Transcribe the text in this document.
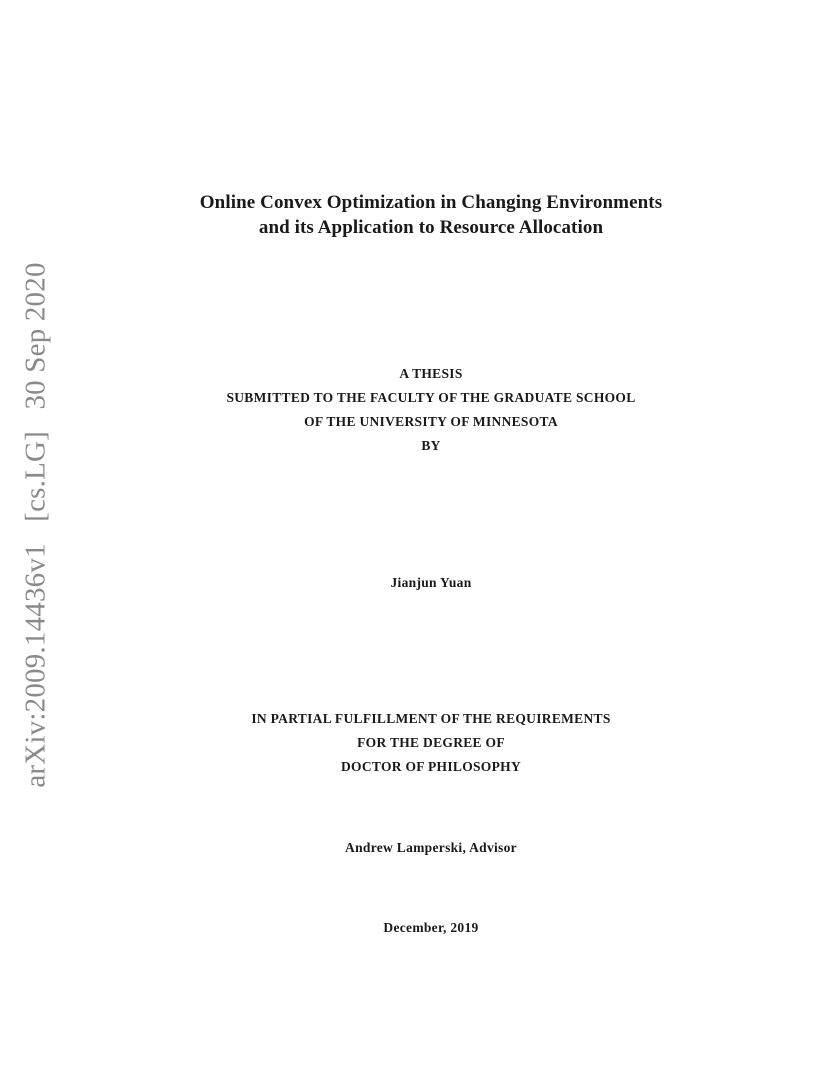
arXiv:2009.14436v1 [cs.LG] 30 Sep 2020
Online Convex Optimization in Changing Environments
and its Application to Resource Allocation
A THESIS
SUBMITTED TO THE FACULTY OF THE GRADUATE SCHOOL
OF THE UNIVERSITY OF MINNESOTA
BY
Jianjun Yuan
IN PARTIAL FULFILLMENT OF THE REQUIREMENTS
FOR THE DEGREE OF
DOCTOR OF PHILOSOPHY
Andrew Lamperski, Advisor
December, 2019
